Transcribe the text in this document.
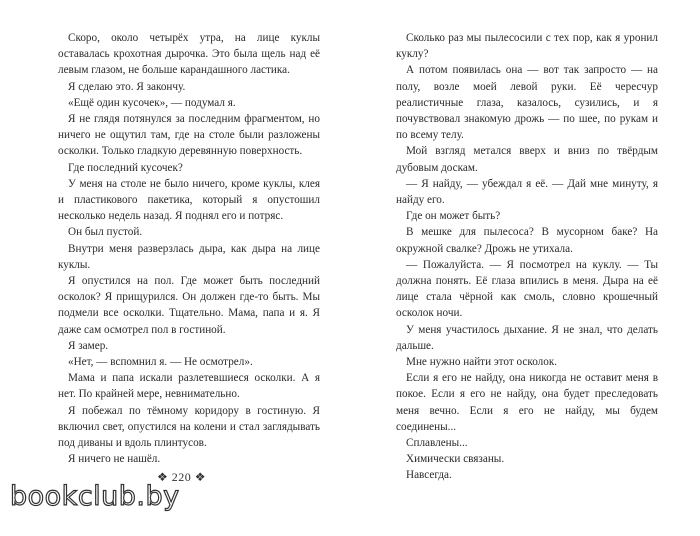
Скоро, около четырёх утра, на лице куклы оставалась крохотная дырочка. Это была щель над её левым глазом, не больше карандашного ластика.

Я сделаю это. Я закончу.

«Ещё один кусочек», — подумал я.

Я не глядя потянулся за последним фрагментом, но ничего не ощутил там, где на столе были разложены осколки. Только гладкую деревянную поверхность.

Где последний кусочек?

У меня на столе не было ничего, кроме куклы, клея и пластикового пакетика, который я опустошил несколько недель назад. Я поднял его и потряс.

Он был пустой.

Внутри меня разверзлась дыра, как дыра на лице куклы.

Я опустился на пол. Где может быть последний осколок? Я прищурился. Он должен где-то быть. Мы подмели все осколки. Тщательно. Мама, папа и я. Я даже сам осмотрел пол в гостиной.

Я замер.

«Нет, — вспомнил я. — Не осмотрел».

Мама и папа искали разлетевшиеся осколки. А я нет. По крайней мере, невнимательно.

Я побежал по тёмному коридору в гостиную. Я включил свет, опустился на колени и стал заглядывать под диваны и вдоль плинтусов.

Я ничего не нашёл.

Сколько раз мы пылесосили с тех пор, как я уронил куклу?

А потом появилась она — вот так запросто — на полу, возле моей левой руки. Её чересчур реалистичные глаза, казалось, сузились, и я почувствовал знакомую дрожь — по шее, по рукам и по всему телу.

Мой взгляд метался вверх и вниз по твёрдым дубовым доскам.

— Я найду, — убеждал я её. — Дай мне минуту, я найду его.

Где он может быть?

В мешке для пылесоса? В мусорном баке? На окружной свалке? Дрожь не утихала.

— Пожалуйста. — Я посмотрел на куклу. — Ты должна понять. Её глаза впились в меня. Дыра на её лице стала чёрной как смоль, словно крошечный осколок ночи.

У меня участилось дыхание. Я не знал, что делать дальше.

Мне нужно найти этот осколок.

Если я его не найду, она никогда не оставит меня в покое. Если я его не найду, она будет преследовать меня вечно. Если я его не найду, мы будем соединены...

Сплавлены...

Химически связаны.

Навсегда.

❖ 220 ❖
bookclub.by
